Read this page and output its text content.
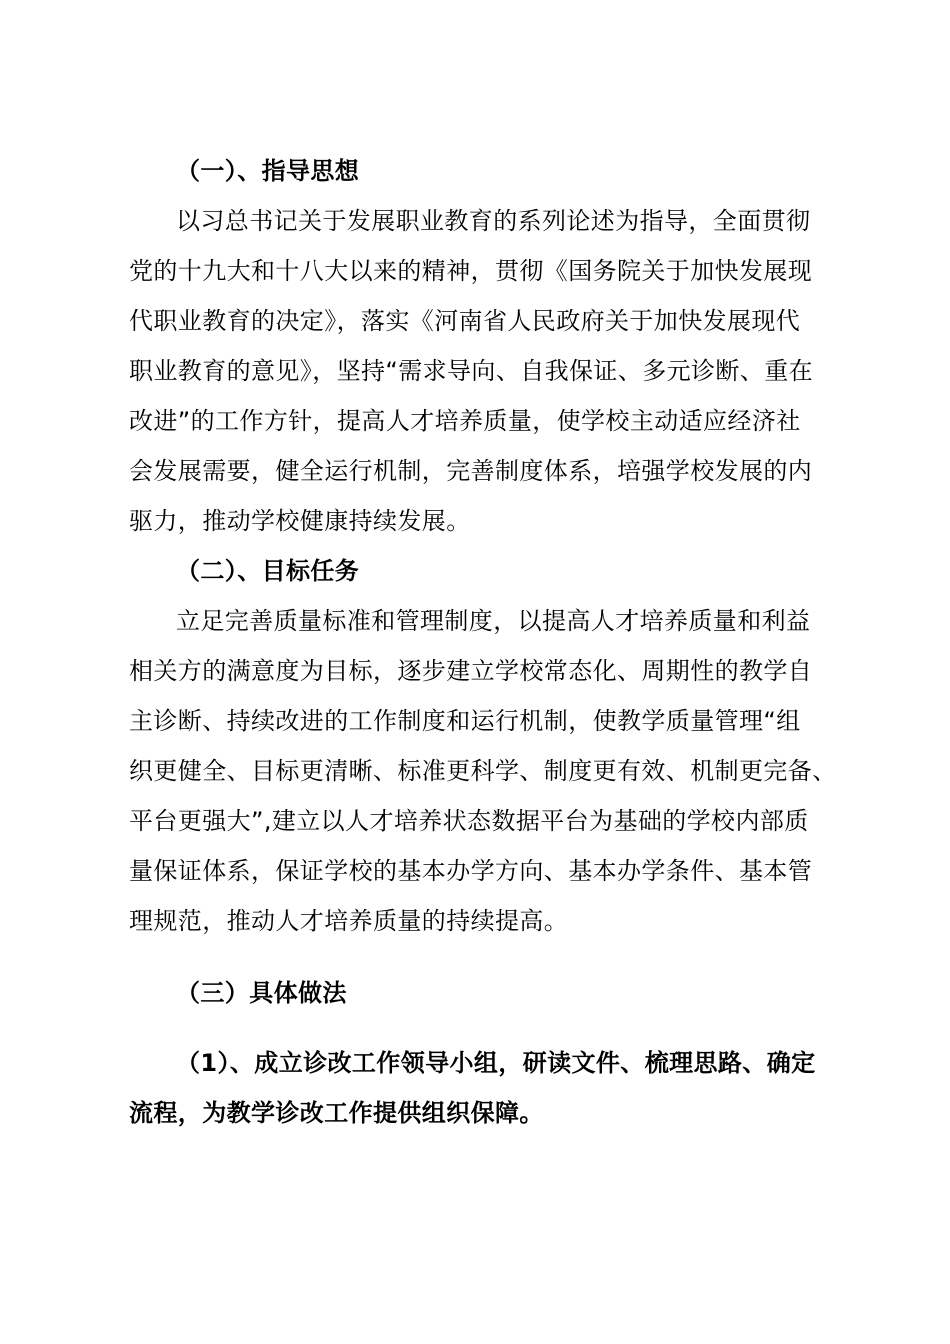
（一）、指导思想
以习总书记关于发展职业教育的系列论述为指导，全面贯彻
党的十九大和十八大以来的精神，贯彻《国务院关于加快发展现
代职业教育的决定》，落实《河南省人民政府关于加快发展现代
职业教育的意见》，坚持“需求导向、自我保证、多元诊断、重在
改进”的工作方针，提高人才培养质量，使学校主动适应经济社
会发展需要，健全运行机制，完善制度体系，培强学校发展的内
驱力，推动学校健康持续发展。
（二）、目标任务
立足完善质量标准和管理制度，以提高人才培养质量和利益
相关方的满意度为目标，逐步建立学校常态化、周期性的教学自
主诊断、持续改进的工作制度和运行机制，使教学质量管理“组
织更健全、目标更清晰、标准更科学、制度更有效、机制更完备、
平台更强大”,建立以人才培养状态数据平台为基础的学校内部质
量保证体系，保证学校的基本办学方向、基本办学条件、基本管
理规范，推动人才培养质量的持续提高。
（三）具体做法
（1）、成立诊改工作领导小组，研读文件、梳理思路、确定
流程，为教学诊改工作提供组织保障。
